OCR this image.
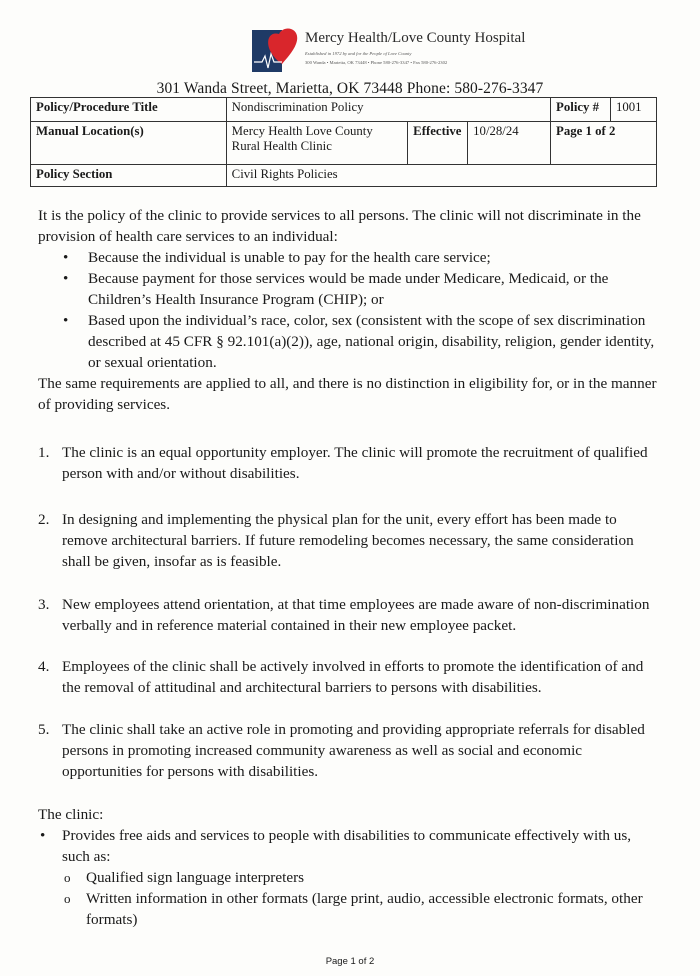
Mercy Health/Love County Hospital
Established in 1972 by and for the People of Love County
300 Wanda • Marietta, OK 73448 • Phone 580-276-3347 • Fax 580-276-2302
301 Wanda Street, Marietta, OK 73448 Phone: 580-276-3347
Policy/Procedure Title	Nondiscrimination Policy			Policy #	1001
Manual Location(s)	Mercy Health Love County
Rural Health Clinic	Effective	10/28/24	Page 1 of 2	
Policy Section	Civil Rights Policies				

It is the policy of the clinic to provide services to all persons. The clinic will not discriminate in the provision of health care services to an individual:

• Because the individual is unable to pay for the health care service;
• Because payment for those services would be made under Medicare, Medicaid, or the Children’s Health Insurance Program (CHIP); or
• Based upon the individual’s race, color, sex (consistent with the scope of sex discrimination described at 45 CFR § 92.101(a)(2)), age, national origin, disability, religion, gender identity, or sexual orientation.

The same requirements are applied to all, and there is no distinction in eligibility for, or in the manner of providing services.

1. The clinic is an equal opportunity employer. The clinic will promote the recruitment of qualified person with and/or without disabilities.
2. In designing and implementing the physical plan for the unit, every effort has been made to remove architectural barriers. If future remodeling becomes necessary, the same consideration shall be given, insofar as is feasible.
3. New employees attend orientation, at that time employees are made aware of non-discrimination verbally and in reference material contained in their new employee packet.
4. Employees of the clinic shall be actively involved in efforts to promote the identification of and the removal of attitudinal and architectural barriers to persons with disabilities.
5. The clinic shall take an active role in promoting and providing appropriate referrals for disabled persons in promoting increased community awareness as well as social and economic opportunities for persons with disabilities.
The clinic:
• Provides free aids and services to people with disabilities to communicate effectively with us, such as:
o Qualified sign language interpreters
o Written information in other formats (large print, audio, accessible electronic formats, other formats)
Page 1 of 2
